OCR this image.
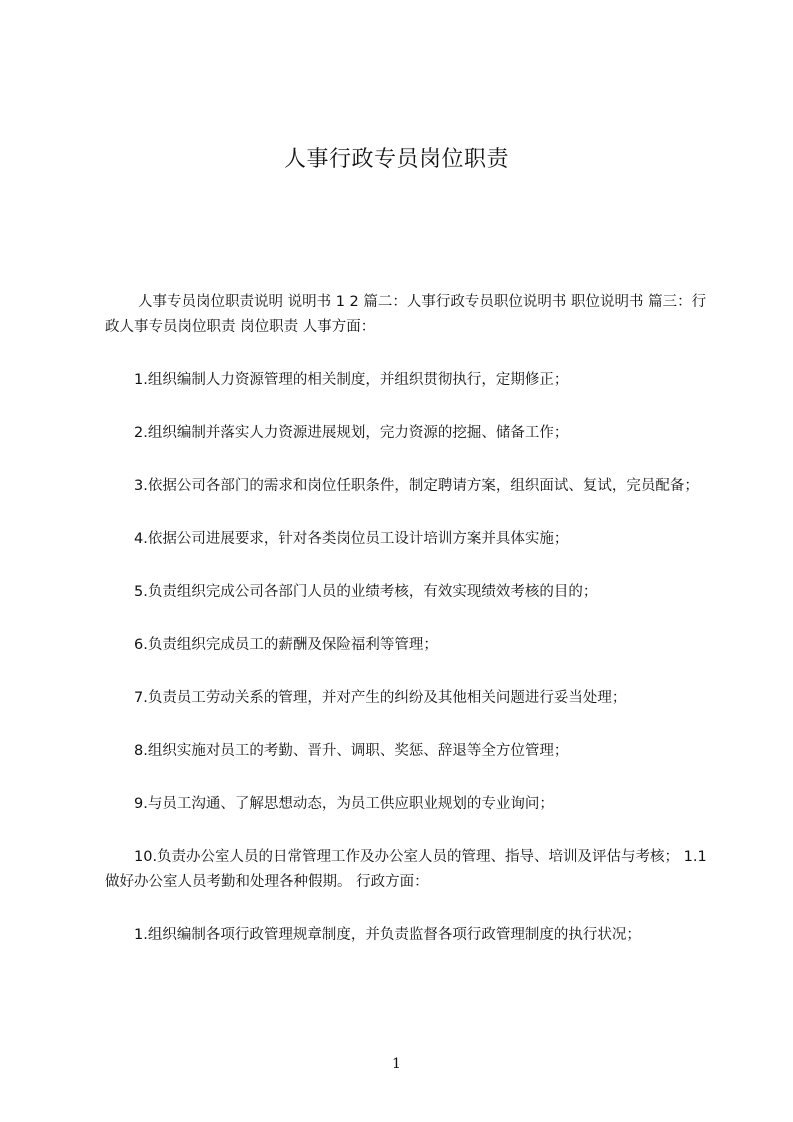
人事行政专员岗位职责

人事专员岗位职责说明 说明书 1 2 篇二：人事行政专员职位说明书 职位说明书 篇三：行政人事专员岗位职责 岗位职责 人事方面：

1.组织编制人力资源管理的相关制度，并组织贯彻执行，定期修正；

2.组织编制并落实人力资源进展规划，完力资源的挖掘、储备工作；

3.依据公司各部门的需求和岗位任职条件，制定聘请方案，组织面试、复试，完员配备；

4.依据公司进展要求，针对各类岗位员工设计培训方案并具体实施；

5.负责组织完成公司各部门人员的业绩考核，有效实现绩效考核的目的；

6.负责组织完成员工的薪酬及保险福利等管理；

7.负责员工劳动关系的管理，并对产生的纠纷及其他相关问题进行妥当处理；

8.组织实施对员工的考勤、晋升、调职、奖惩、辞退等全方位管理；

9.与员工沟通、了解思想动态，为员工供应职业规划的专业询问；

10.负责办公室人员的日常管理工作及办公室人员的管理、指导、培训及评估与考核； 1.1 做好办公室人员考勤和处理各种假期。 行政方面：

1.组织编制各项行政管理规章制度，并负责监督各项行政管理制度的执行状况；

1
